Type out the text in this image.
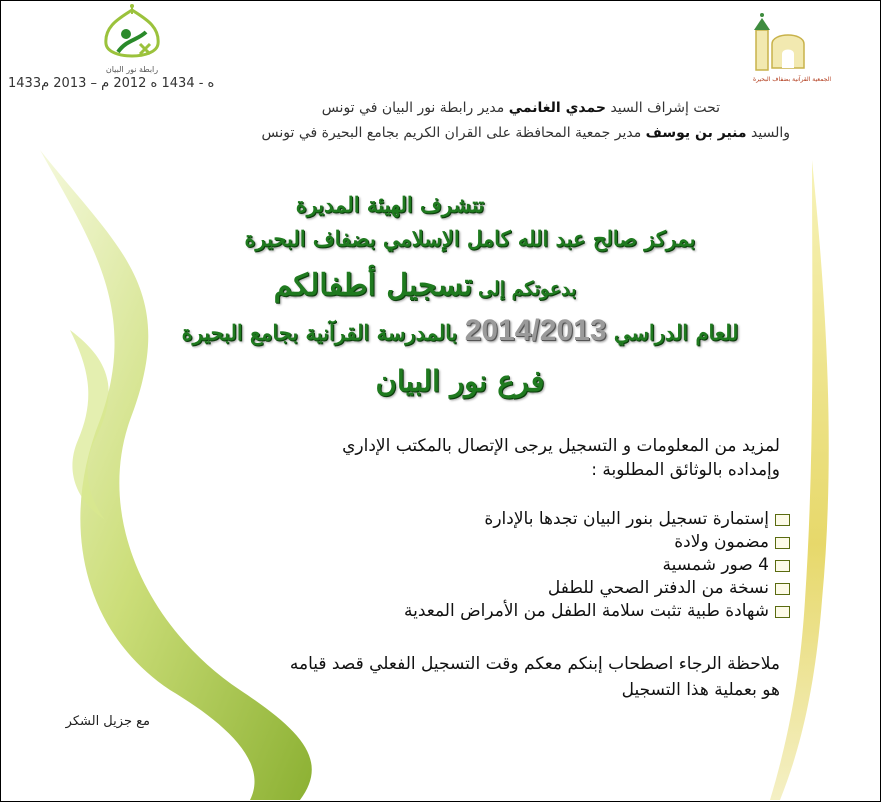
رابطة نور البيان
الجمعية القرآنية بضفاف البحيرة
1433ه - 1434 ه 2012 م – 2013 م
تحت إشراف السيد حمدي الغانمي مدير رابطة نور البيان في تونس
والسيد منير بن يوسف مدير جمعية المحافظة على القران الكريم بجامع البحيرة في تونس
تتشرف الهيئة المديرة
بمركز صالح عبد الله كامل الإسلامي بضفاف البحيرة
بدعوتكم إلى تسجيل أطفالكم
للعام الدراسي 2014/2013 بالمدرسة القرآنية بجامع البحيرة
فرع نور البيان
لمزيد من المعلومات و التسجيل يرجى الإتصال بالمكتب الإداري
وإمداده بالوثائق المطلوبة :
إستمارة تسجيل بنور البيان تجدها بالإدارة
مضمون ولادة
4 صور شمسية
نسخة من الدفتر الصحي للطفل
شهادة طبية تثبت سلامة الطفل من الأمراض المعدية
ملاحظة الرجاء اصطحاب إبنكم معكم وقت التسجيل الفعلي قصد قيامه
هو بعملية هذا التسجيل
مع جزيل الشكر
